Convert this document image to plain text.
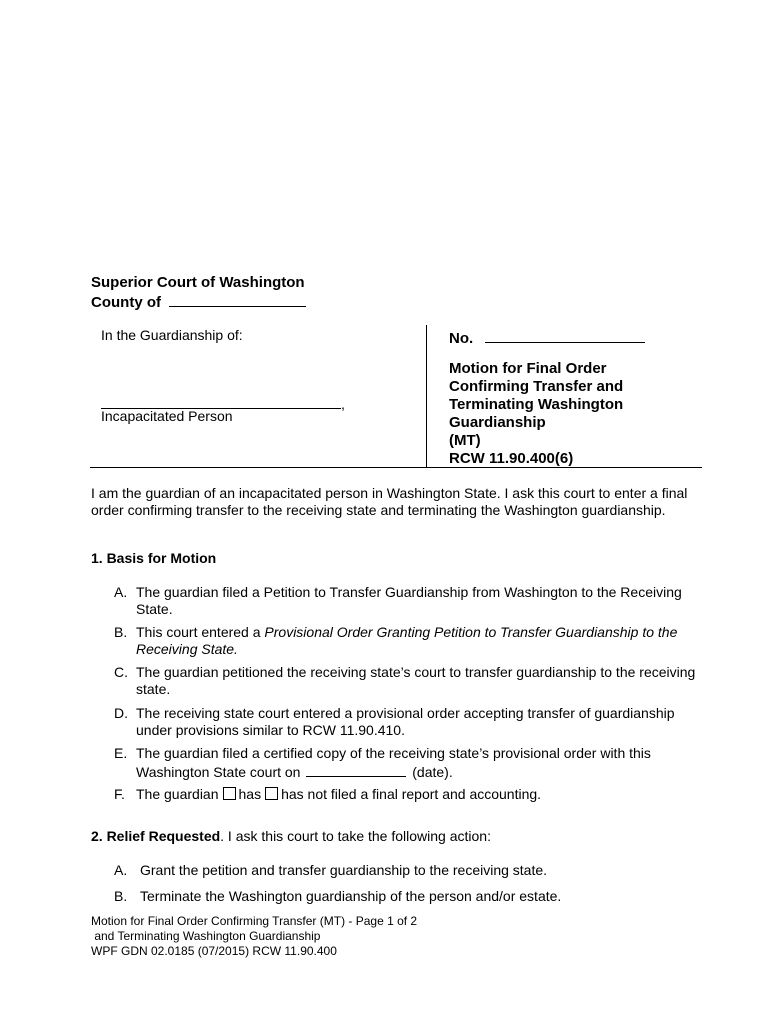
Superior Court of Washington
County of
In the Guardianship of:
,
Incapacitated Person
No.
Motion for Final Order
Confirming Transfer and
Terminating Washington
Guardianship
(MT)
RCW 11.90.400(6)
I am the guardian of an incapacitated person in Washington State. I ask this court to enter a final order confirming transfer to the receiving state and terminating the Washington guardianship.
1. Basis for Motion
A. The guardian filed a Petition to Transfer Guardianship from Washington to the Receiving State.
B. This court entered a Provisional Order Granting Petition to Transfer Guardianship to the Receiving State.
C. The guardian petitioned the receiving state’s court to transfer guardianship to the receiving state.
D. The receiving state court entered a provisional order accepting transfer of guardianship under provisions similar to RCW 11.90.410.
E. The guardian filed a certified copy of the receiving state’s provisional order with this
Washington State court on	(date).
F. The guardian has has not filed a final report and accounting.
2. Relief Requested. I ask this court to take the following action:
A. Grant the petition and transfer guardianship to the receiving state.
B. Terminate the Washington guardianship of the person and/or estate.
Motion for Final Order Confirming Transfer (MT) - Page 1 of 2
and Terminating Washington Guardianship
WPF GDN 02.0185 (07/2015) RCW 11.90.400
